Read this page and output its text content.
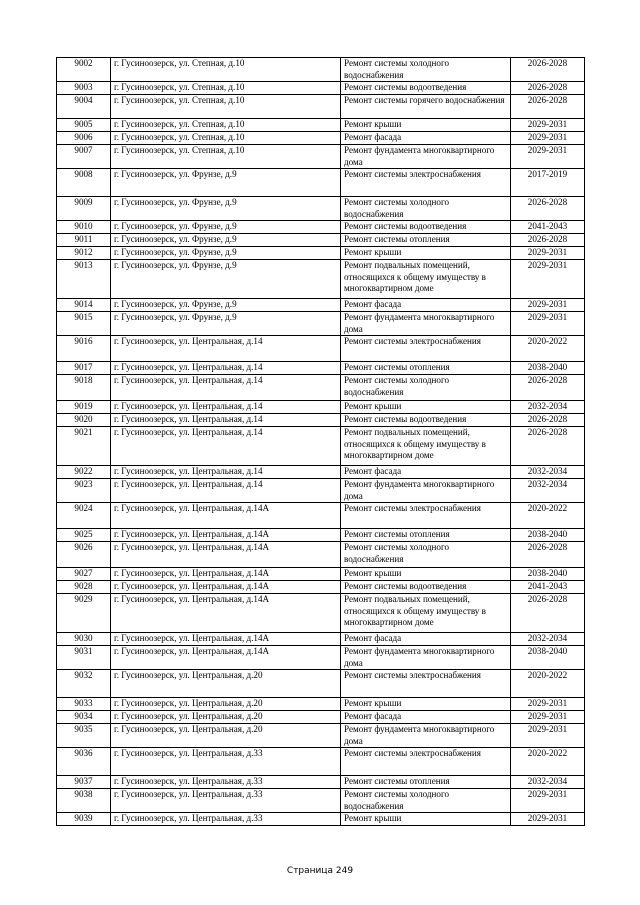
9002	г. Гусиноозерск, ул. Степная, д.10	Ремонт системы холодного водоснабжения	2026-2028
9003	г. Гусиноозерск, ул. Степная, д.10	Ремонт системы водоотведения	2026-2028
9004	г. Гусиноозерск, ул. Степная, д.10	Ремонт системы горячего водоснабжения	2026-2028
9005	г. Гусиноозерск, ул. Степная, д.10	Ремонт крыши	2029-2031
9006	г. Гусиноозерск, ул. Степная, д.10	Ремонт фасада	2029-2031
9007	г. Гусиноозерск, ул. Степная, д.10	Ремонт фундамента многоквартирного дома	2029-2031
9008	г. Гусиноозерск, ул. Фрунзе, д.9	Ремонт системы электроснабжения	2017-2019
9009	г. Гусиноозерск, ул. Фрунзе, д.9	Ремонт системы холодного водоснабжения	2026-2028
9010	г. Гусиноозерск, ул. Фрунзе, д.9	Ремонт системы водоотведения	2041-2043
9011	г. Гусиноозерск, ул. Фрунзе, д.9	Ремонт системы отопления	2026-2028
9012	г. Гусиноозерск, ул. Фрунзе, д.9	Ремонт крыши	2029-2031
9013	г. Гусиноозерск, ул. Фрунзе, д.9	Ремонт подвальных помещений, относящихся к общему имуществу в многоквартирном доме	2029-2031
9014	г. Гусиноозерск, ул. Фрунзе, д.9	Ремонт фасада	2029-2031
9015	г. Гусиноозерск, ул. Фрунзе, д.9	Ремонт фундамента многоквартирного дома	2029-2031
9016	г. Гусиноозерск, ул. Центральная, д.14	Ремонт системы электроснабжения	2020-2022
9017	г. Гусиноозерск, ул. Центральная, д.14	Ремонт системы отопления	2038-2040
9018	г. Гусиноозерск, ул. Центральная, д.14	Ремонт системы холодного водоснабжения	2026-2028
9019	г. Гусиноозерск, ул. Центральная, д.14	Ремонт крыши	2032-2034
9020	г. Гусиноозерск, ул. Центральная, д.14	Ремонт системы водоотведения	2026-2028
9021	г. Гусиноозерск, ул. Центральная, д.14	Ремонт подвальных помещений, относящихся к общему имуществу в многоквартирном доме	2026-2028
9022	г. Гусиноозерск, ул. Центральная, д.14	Ремонт фасада	2032-2034
9023	г. Гусиноозерск, ул. Центральная, д.14	Ремонт фундамента многоквартирного дома	2032-2034
9024	г. Гусиноозерск, ул. Центральная, д.14А	Ремонт системы электроснабжения	2020-2022
9025	г. Гусиноозерск, ул. Центральная, д.14А	Ремонт системы отопления	2038-2040
9026	г. Гусиноозерск, ул. Центральная, д.14А	Ремонт системы холодного водоснабжения	2026-2028
9027	г. Гусиноозерск, ул. Центральная, д.14А	Ремонт крыши	2038-2040
9028	г. Гусиноозерск, ул. Центральная, д.14А	Ремонт системы водоотведения	2041-2043
9029	г. Гусиноозерск, ул. Центральная, д.14А	Ремонт подвальных помещений, относящихся к общему имуществу в многоквартирном доме	2026-2028
9030	г. Гусиноозерск, ул. Центральная, д.14А	Ремонт фасада	2032-2034
9031	г. Гусиноозерск, ул. Центральная, д.14А	Ремонт фундамента многоквартирного дома	2038-2040
9032	г. Гусиноозерск, ул. Центральная, д.20	Ремонт системы электроснабжения	2020-2022
9033	г. Гусиноозерск, ул. Центральная, д.20	Ремонт крыши	2029-2031
9034	г. Гусиноозерск, ул. Центральная, д.20	Ремонт фасада	2029-2031
9035	г. Гусиноозерск, ул. Центральная, д.20	Ремонт фундамента многоквартирного дома	2029-2031
9036	г. Гусиноозерск, ул. Центральная, д.33	Ремонт системы электроснабжения	2020-2022
9037	г. Гусиноозерск, ул. Центральная, д.33	Ремонт системы отопления	2032-2034
9038	г. Гусиноозерск, ул. Центральная, д.33	Ремонт системы холодного водоснабжения	2029-2031
9039	г. Гусиноозерск, ул. Центральная, д.33	Ремонт крыши	2029-2031
Страница 249
